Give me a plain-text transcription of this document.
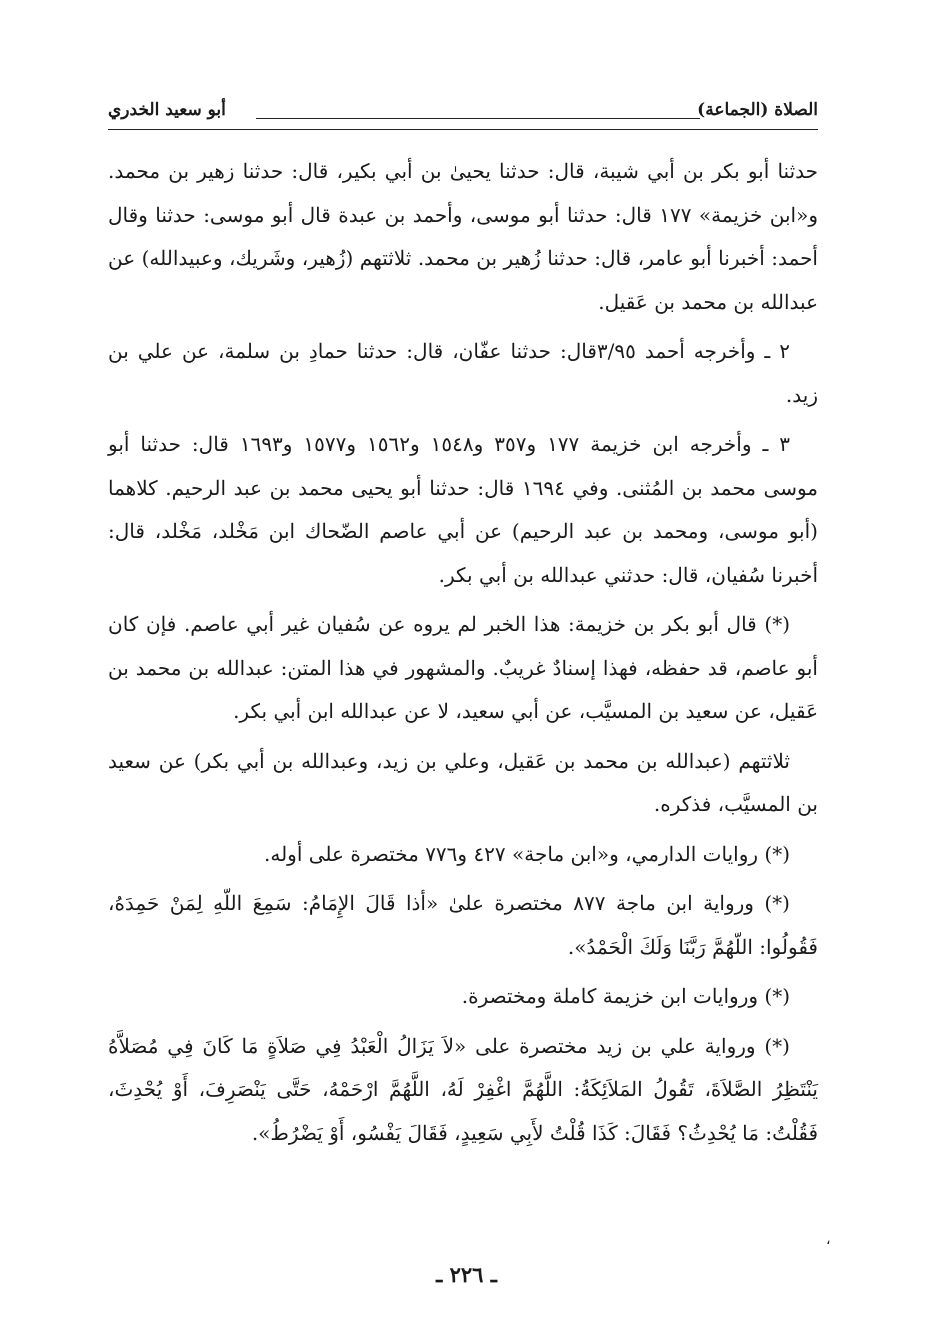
الصلاة (الجماعة)
أبو سعيد الخدري

حدثنا أبو بكر بن أبي شيبة، قال: حدثنا يحيىٰ بن أبي بكير، قال: حدثنا زهير بن محمد. و«ابن خزيمة» ١٧٧ قال: حدثنا أبو موسى، وأحمد بن عبدة قال أبو موسى: حدثنا وقال أحمد: أخبرنا أبو عامر، قال: حدثنا زُهير بن محمد. ثلاثتهم (زُهير، وشَريك، وعبيدالله) عن عبدالله بن محمد بن عَقيل.

٢ ـ وأخرجه أحمد ٣/٩٥قال: حدثنا عفّان، قال: حدثنا حمادِ بن سلمة، عن علي بن زيد.

٣ ـ وأخرجه ابن خزيمة ١٧٧ و٣٥٧ و١٥٤٨ و١٥٦٢ و١٥٧٧ و١٦٩٣ قال: حدثنا أبو موسى محمد بن المُثنى. وفي ١٦٩٤ قال: حدثنا أبو يحيى محمد بن عبد الرحيم. كلاهما (أبو موسى، ومحمد بن عبد الرحيم) عن أبي عاصم الضّحاك ابن مَخْلد، مَخْلد، قال: أخبرنا سُفيان، قال: حدثني عبدالله بن أبي بكر.

(*) قال أبو بكر بن خزيمة: هذا الخبر لم يروه عن سُفيان غير أبي عاصم. فإن كان أبو عاصم، قد حفظه، فهذا إسنادٌ غريبٌ. والمشهور في هذا المتن: عبدالله بن محمد بن عَقيل، عن سعيد بن المسيَّب، عن أبي سعيد، لا عن عبدالله ابن أبي بكر.

ثلاثتهم (عبدالله بن محمد بن عَقيل، وعلي بن زيد، وعبدالله بن أبي بكر) عن سعيد بن المسيَّب، فذكره.

(*) روايات الدارمي، و«ابن ماجة» ٤٢٧ و٧٧٦ مختصرة على أوله.

(*) ورواية ابن ماجة ٨٧٧ مختصرة علىٰ «أذا قَالَ الإِمَامُ: سَمِعَ اللّهِ لِمَنْ حَمِدَهُ، فَقُولُوا: اللّهُمَّ رَبَّنَا وَلَكَ الْحَمْدُ».

(*) وروايات ابن خزيمة كاملة ومختصرة.

(*) ورواية علي بن زيد مختصرة على «لاَ يَزَالُ الْعَبْدُ فِي صَلاَةٍ مَا كَانَ فِي مُصَلاَّهُ يَنْتَظِرُ الصَّلاَةَ، تَقُولُ المَلاَئِكَةُ: اللَّهُمَّ اغْفِرْ لَهُ، اللَّهُمَّ ارْحَمْهُ، حَتَّى يَنْصَرِفَ، أَوْ يُحْدِثَ، فَقُلْتُ: مَا يُحْدِثُ؟ فَقَالَ: كَذَا قُلْتُ لأَبِي سَعِيدٍ، فَقَالَ يَفْسُو، أَوْ يَضْرُطُ».

،
ـ ٢٢٦ ـ
